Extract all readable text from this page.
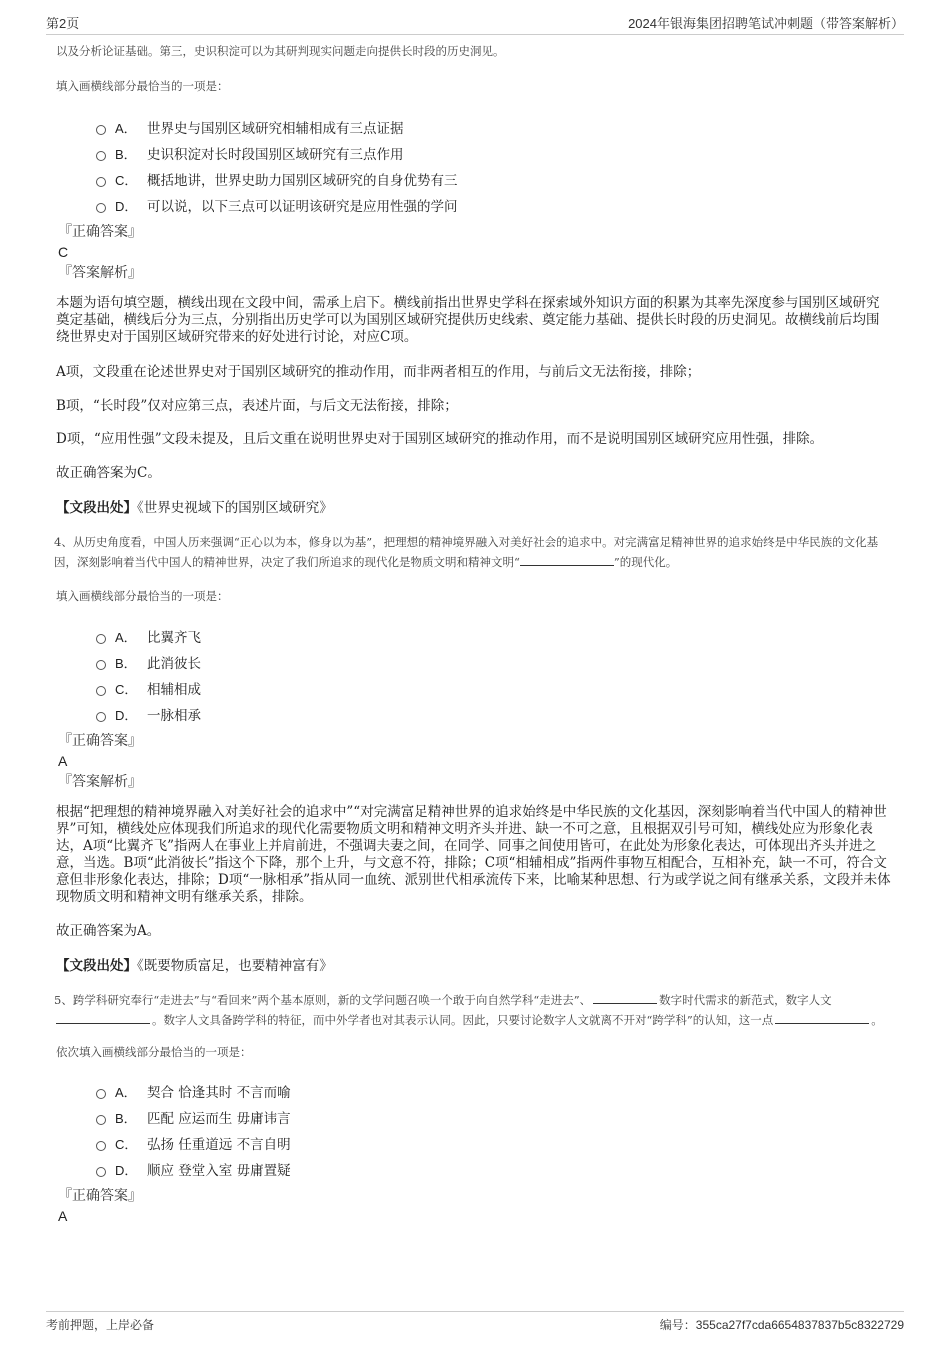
第2页	2024年银海集团招聘笔试冲刺题（带答案解析）
以及分析论证基础。第三，史识积淀可以为其研判现实问题走向提供长时段的历史洞见。
填入画横线部分最恰当的一项是：
A． 世界史与国别区域研究相辅相成有三点证据
B． 史识积淀对长时段国别区域研究有三点作用
C． 概括地讲，世界史助力国别区域研究的自身优势有三
D． 可以说，以下三点可以证明该研究是应用性强的学问
『正确答案』
C
『答案解析』
本题为语句填空题，横线出现在文段中间，需承上启下。横线前指出世界史学科在探索域外知识方面的积累为其率先深度参与国别区域研究奠定基础，横线后分为三点，分别指出历史学可以为国别区域研究提供历史线索、奠定能力基础、提供长时段的历史洞见。故横线前后均围绕世界史对于国别区域研究带来的好处进行讨论，对应C项。
A项，文段重在论述世界史对于国别区域研究的推动作用，而非两者相互的作用，与前后文无法衔接，排除；
B项，“长时段”仅对应第三点，表述片面，与后文无法衔接，排除；
D项，“应用性强”文段未提及，且后文重在说明世界史对于国别区域研究的推动作用，而不是说明国别区域研究应用性强，排除。
故正确答案为C。
【文段出处】《世界史视域下的国别区域研究》
4、从历史角度看，中国人历来强调“正心以为本，修身以为基”，把理想的精神境界融入对美好社会的追求中。对完满富足精神世界的追求始终是中华民族的文化基因，深刻影响着当代中国人的精神世界，决定了我们所追求的现代化是物质文明和精神文明“	”的现代化。
填入画横线部分最恰当的一项是：
A． 比翼齐飞
B． 此消彼长
C． 相辅相成
D． 一脉相承
『正确答案』
A
『答案解析』
根据“把理想的精神境界融入对美好社会的追求中”“对完满富足精神世界的追求始终是中华民族的文化基因，深刻影响着当代中国人的精神世界”可知，横线处应体现我们所追求的现代化需要物质文明和精神文明齐头并进、缺一不可之意，且根据双引号可知，横线处应为形象化表达，A项“比翼齐飞”指两人在事业上并肩前进，不强调夫妻之间，在同学、同事之间使用皆可，在此处为形象化表达，可体现出齐头并进之意，当选。B项“此消彼长”指这个下降，那个上升，与文意不符，排除；C项“相辅相成”指两件事物互相配合，互相补充，缺一不可，符合文意但非形象化表达，排除；D项“一脉相承”指从同一血统、派别世代相承流传下来，比喻某种思想、行为或学说之间有继承关系，文段并未体现物质文明和精神文明有继承关系，排除。
故正确答案为A。
【文段出处】《既要物质富足，也要精神富有》
5、跨学科研究奉行“走进去”与“看回来”两个基本原则，新的文学问题召唤一个敢于向自然学科“走进去”、	数字时代需求的新范式，数字人文。数字人文具备跨学科的特征，而中外学者也对其表示认同。因此，只要讨论数字人文就离不开对“跨学科”的认知，这一点	。
依次填入画横线部分最恰当的一项是：
A． 契合 恰逢其时 不言而喻
B． 匹配 应运而生 毋庸讳言
C． 弘扬 任重道远 不言自明
D． 顺应 登堂入室 毋庸置疑
『正确答案』
A
考前押题，上岸必备	编号：355ca27f7cda6654837837b5c8322729
